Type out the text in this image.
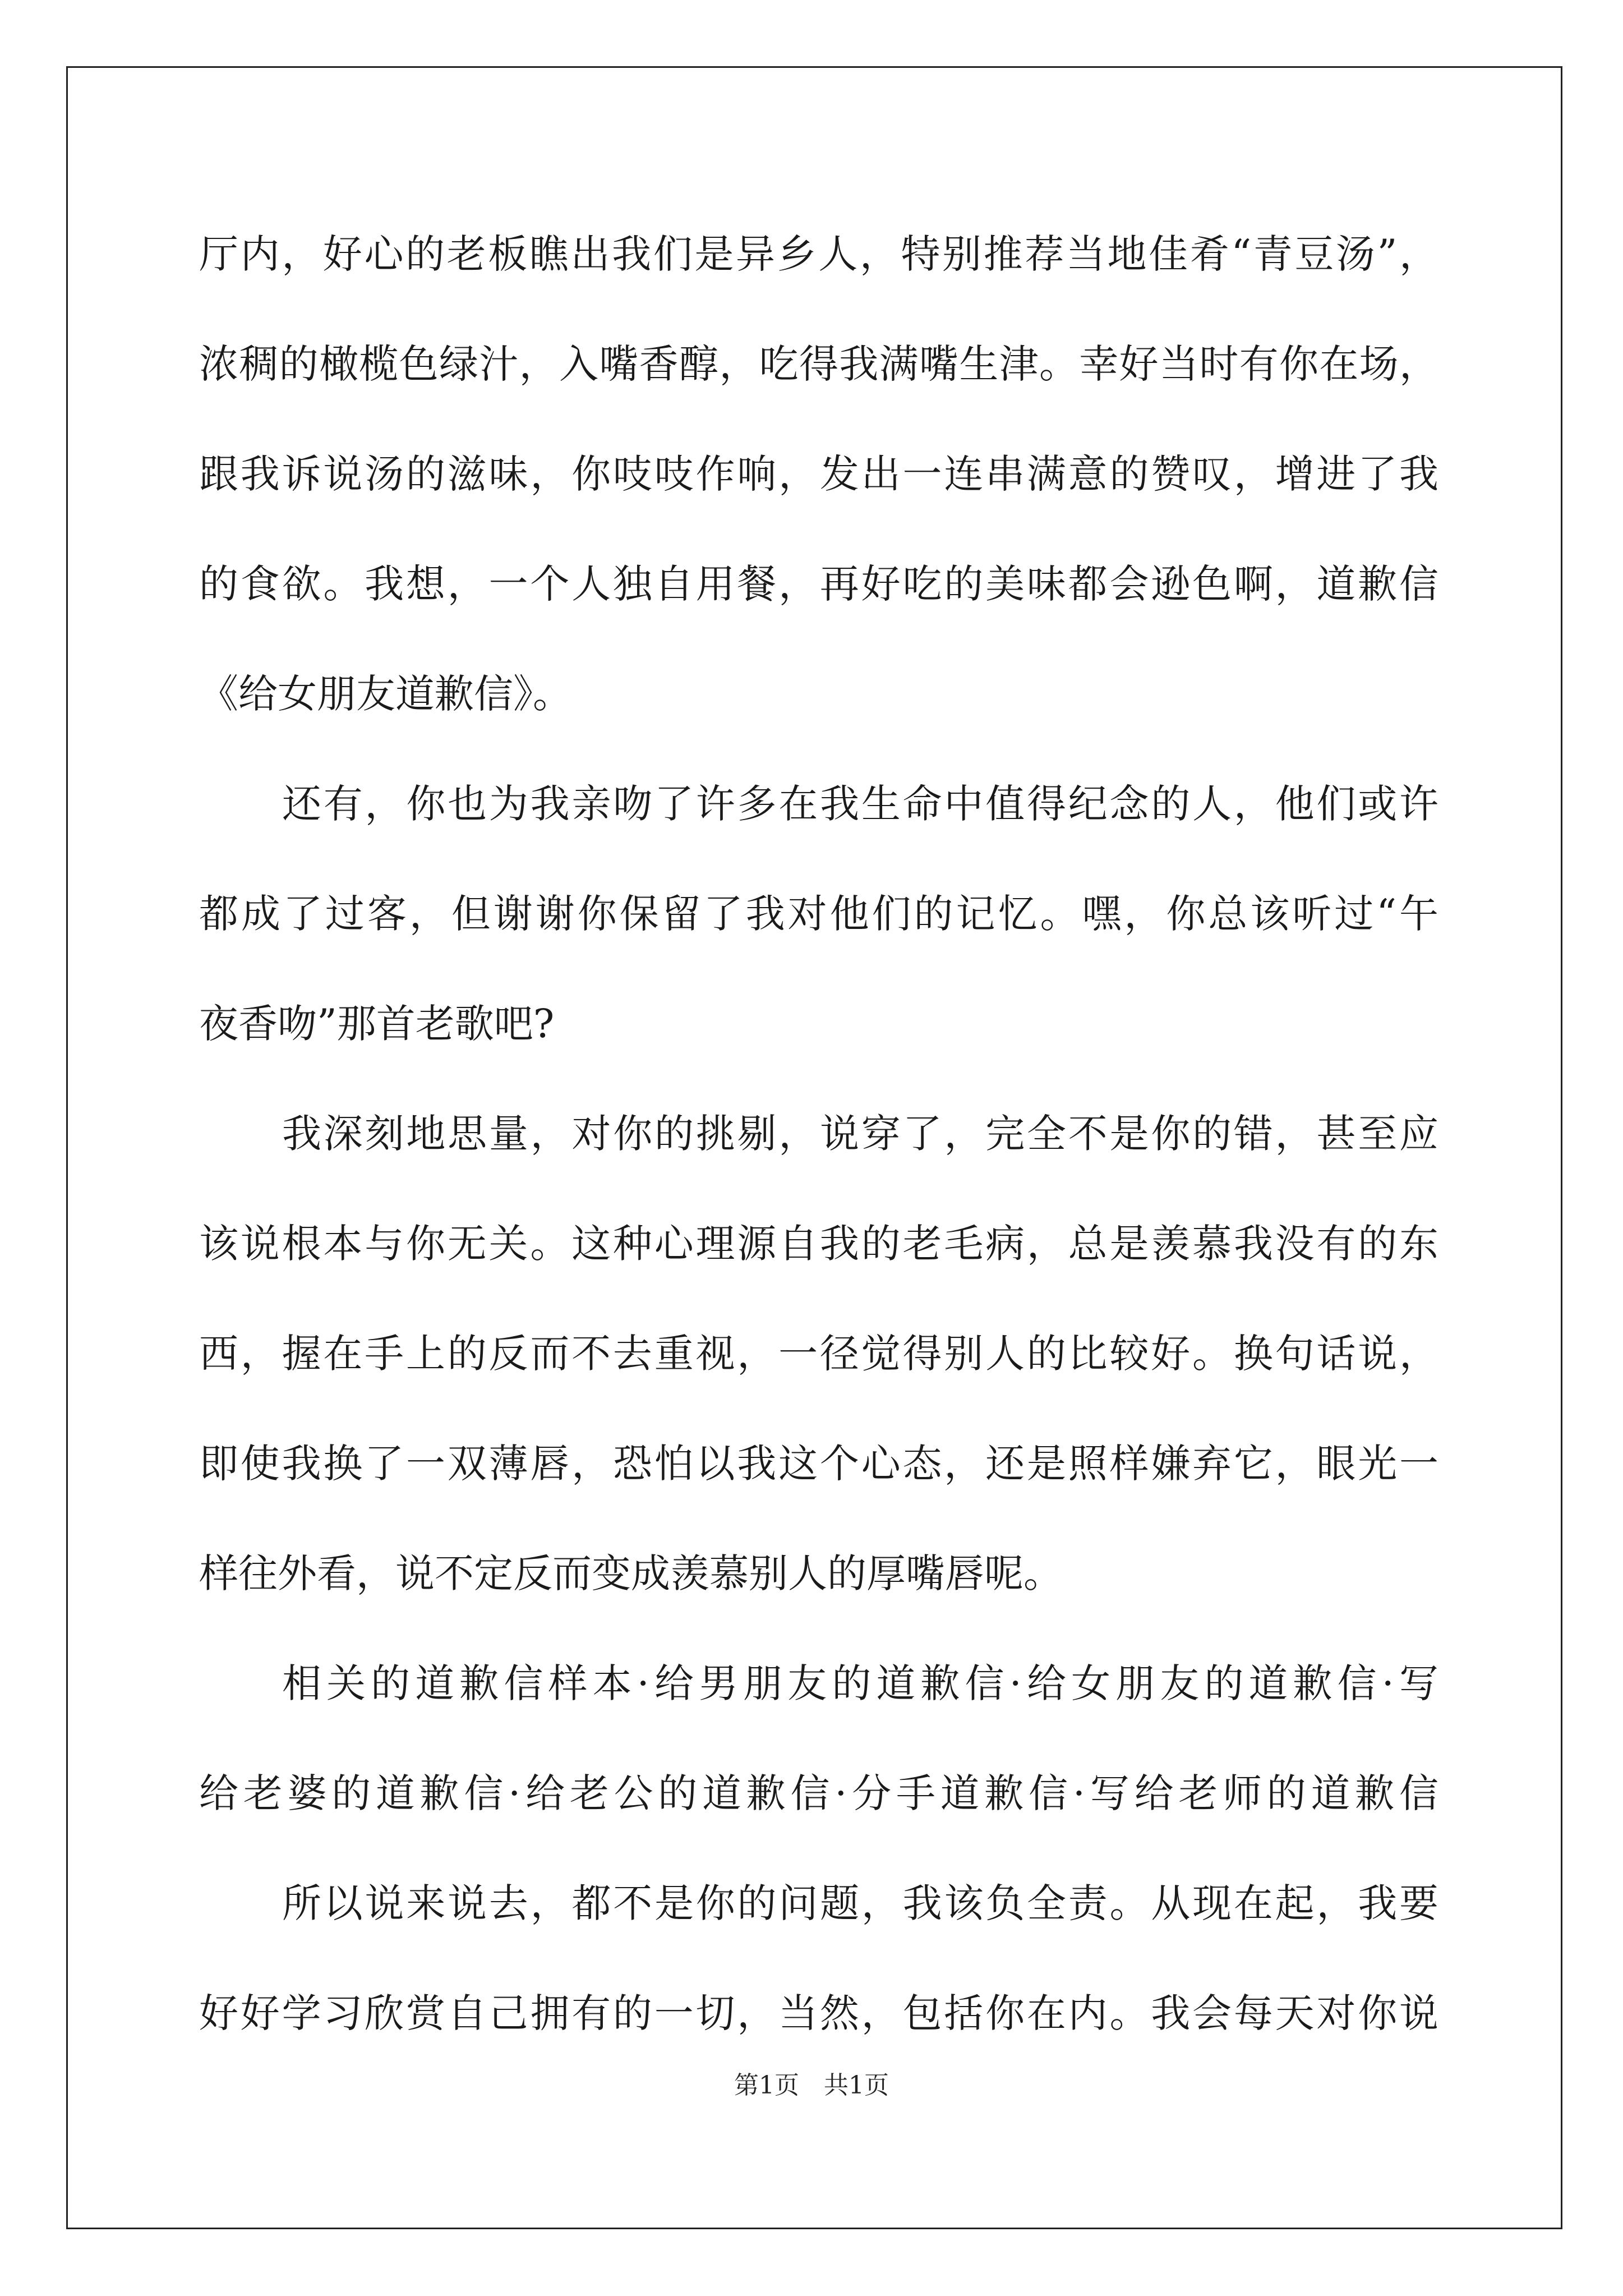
厅内，好心的老板瞧出我们是异乡人，特别推荐当地佳肴“青豆汤”，
浓稠的橄榄色绿汁，入嘴香醇，吃得我满嘴生津。幸好当时有你在场，
跟我诉说汤的滋味，你吱吱作响，发出一连串满意的赞叹，增进了我
的食欲。我想，一个人独自用餐，再好吃的美味都会逊色啊，道歉信
《给女朋友道歉信》。
还有，你也为我亲吻了许多在我生命中值得纪念的人，他们或许
都成了过客，但谢谢你保留了我对他们的记忆。嘿，你总该听过“午
夜香吻”那首老歌吧?
我深刻地思量，对你的挑剔，说穿了，完全不是你的错，甚至应
该说根本与你无关。这种心理源自我的老毛病，总是羡慕我没有的东
西，握在手上的反而不去重视，一径觉得别人的比较好。换句话说，
即使我换了一双薄唇，恐怕以我这个心态，还是照样嫌弃它，眼光一
样往外看，说不定反而变成羡慕别人的厚嘴唇呢。
相关的道歉信样本·给男朋友的道歉信·给女朋友的道歉信·写
给老婆的道歉信·给老公的道歉信·分手道歉信·写给老师的道歉信
所以说来说去，都不是你的问题，我该负全责。从现在起，我要
好好学习欣赏自己拥有的一切，当然，包括你在内。我会每天对你说
第1页 共1页
